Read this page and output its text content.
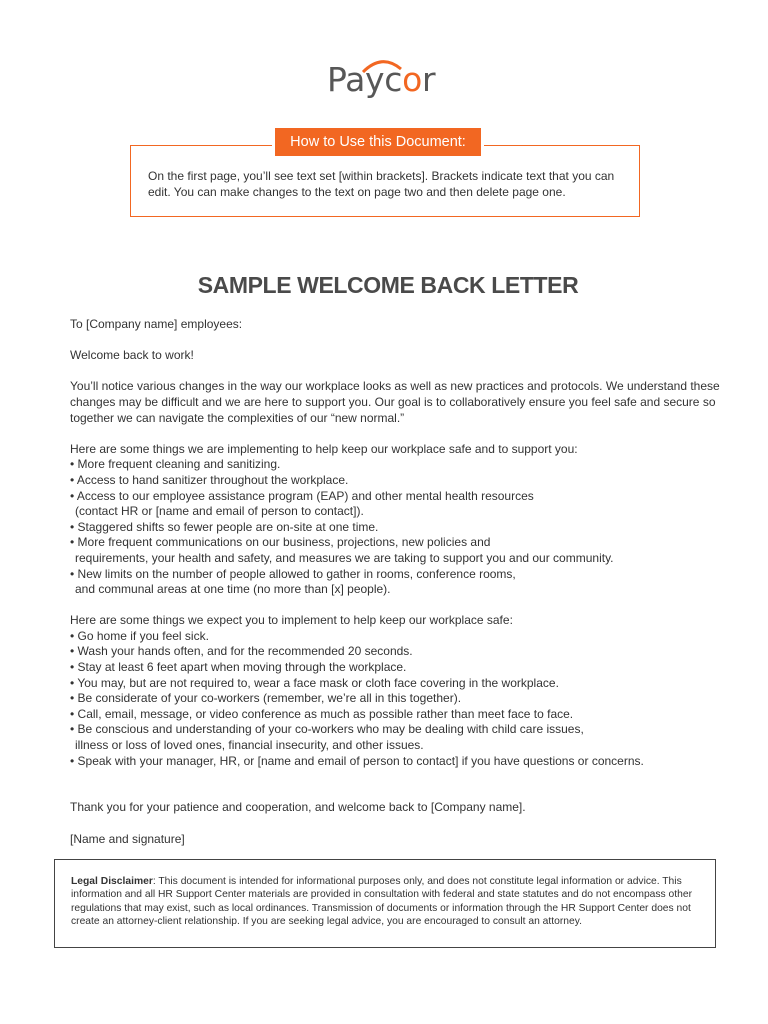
Paycor
How to Use this Document:
On the first page, you’ll see text set [within brackets]. Brackets indicate text that you can edit. You can make changes to the text on page two and then delete page one.
SAMPLE WELCOME BACK LETTER

To [Company name] employees:

Welcome back to work!

You’ll notice various changes in the way our workplace looks as well as new practices and protocols. We understand these

changes may be difficult and we are here to support you. Our goal is to collaboratively ensure you feel safe and secure so

together we can navigate the complexities of our “new normal.”

Here are some things we are implementing to help keep our workplace safe and to support you:

• More frequent cleaning and sanitizing.

• Access to hand sanitizer throughout the workplace.

• Access to our employee assistance program (EAP) and other mental health resources

(contact HR or [name and email of person to contact]).

• Staggered shifts so fewer people are on-site at one time.

• More frequent communications on our business, projections, new policies and

requirements, your health and safety, and measures we are taking to support you and our community.

• New limits on the number of people allowed to gather in rooms, conference rooms,

and communal areas at one time (no more than [x] people).

Here are some things we expect you to implement to help keep our workplace safe:

• Go home if you feel sick.

• Wash your hands often, and for the recommended 20 seconds.

• Stay at least 6 feet apart when moving through the workplace.

• You may, but are not required to, wear a face mask or cloth face covering in the workplace.

• Be considerate of your co-workers (remember, we’re all in this together).

• Call, email, message, or video conference as much as possible rather than meet face to face.

• Be conscious and understanding of your co-workers who may be dealing with child care issues,

illness or loss of loved ones, financial insecurity, and other issues.

• Speak with your manager, HR, or [name and email of person to contact] if you have questions or concerns.

Thank you for your patience and cooperation, and welcome back to [Company name].

[Name and signature]

Legal Disclaimer: This document is intended for informational purposes only, and does not constitute legal information or advice. This information and all HR Support Center materials are provided in consultation with federal and state statutes and do not encompass other regulations that may exist, such as local ordinances. Transmission of documents or information through the HR Support Center does not create an attorney-client relationship. If you are seeking legal advice, you are encouraged to consult an attorney.
